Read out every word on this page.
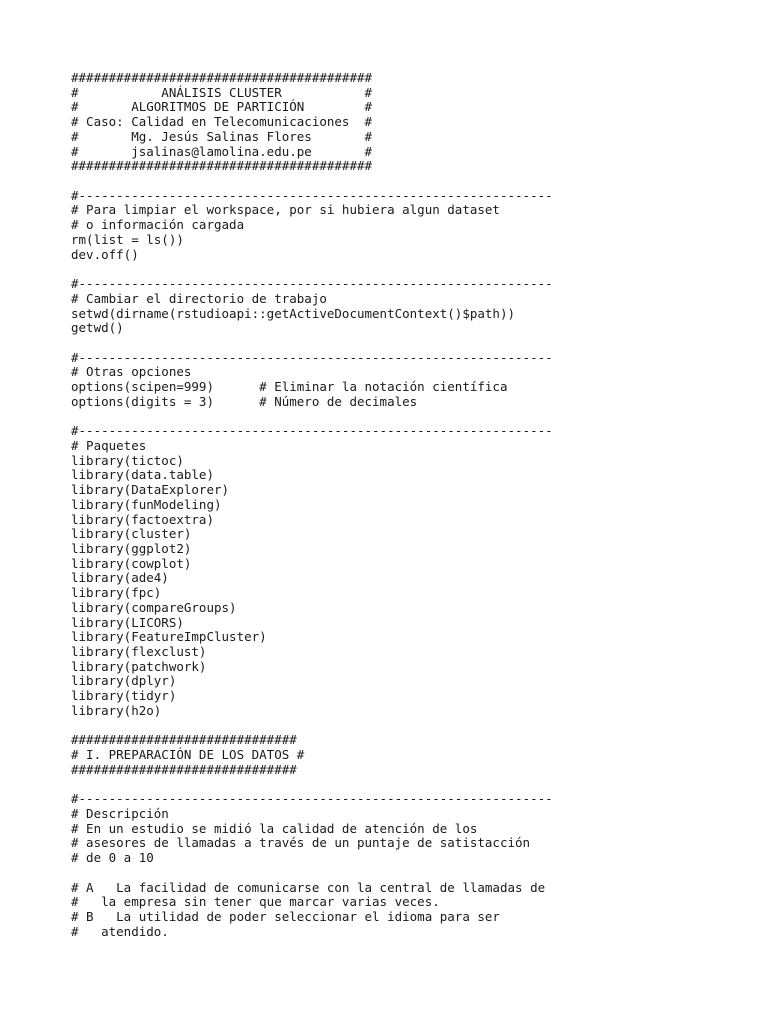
########################################
#           ANÁLISIS CLUSTER           #
#       ALGORITMOS DE PARTICIÓN        #
# Caso: Calidad en Telecomunicaciones  #
#       Mg. Jesús Salinas Flores       #
#       jsalinas@lamolina.edu.pe       #
########################################

#---------------------------------------------------------------
# Para limpiar el workspace, por si hubiera algun dataset
# o información cargada
rm(list = ls())
dev.off()

#---------------------------------------------------------------
# Cambiar el directorio de trabajo
setwd(dirname(rstudioapi::getActiveDocumentContext()$path))
getwd()

#---------------------------------------------------------------
# Otras opciones
options(scipen=999)      # Eliminar la notación científica
options(digits = 3)      # Número de decimales

#---------------------------------------------------------------
# Paquetes
library(tictoc)
library(data.table)
library(DataExplorer)
library(funModeling)
library(factoextra)
library(cluster)
library(ggplot2)
library(cowplot)
library(ade4)
library(fpc)
library(compareGroups)
library(LICORS)
library(FeatureImpCluster)
library(flexclust)
library(patchwork)
library(dplyr)
library(tidyr)
library(h2o)

##############################
# I. PREPARACIÓN DE LOS DATOS #
##############################

#---------------------------------------------------------------
# Descripción
# En un estudio se midió la calidad de atención de los
# asesores de llamadas a través de un puntaje de satistacción
# de 0 a 10

# A   La facilidad de comunicarse con la central de llamadas de
#   la empresa sin tener que marcar varias veces.
# B   La utilidad de poder seleccionar el idioma para ser
#   atendido.
